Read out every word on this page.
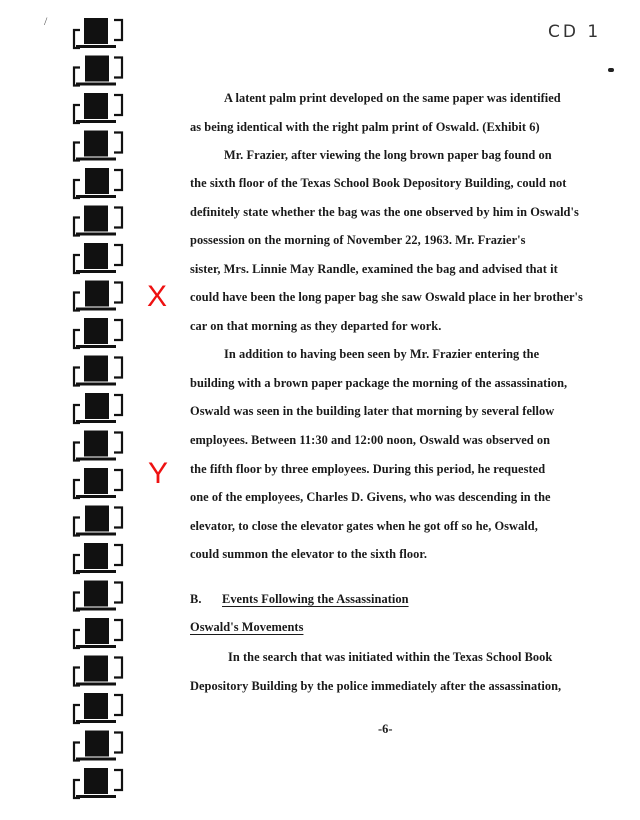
/
CD 1
X
Y
A latent palm print developed on the same paper was identified
as being identical with the right palm print of Oswald. (Exhibit 6)
Mr. Frazier, after viewing the long brown paper bag found on
the sixth floor of the Texas School Book Depository Building, could not
definitely state whether the bag was the one observed by him in Oswald's
possession on the morning of November 22, 1963. Mr. Frazier's
sister, Mrs. Linnie May Randle, examined the bag and advised that it
could have been the long paper bag she saw Oswald place in her brother's
car on that morning as they departed for work.
In addition to having been seen by Mr. Frazier entering the
building with a brown paper package the morning of the assassination,
Oswald was seen in the building later that morning by several fellow
employees. Between 11:30 and 12:00 noon, Oswald was observed on
the fifth floor by three employees. During this period, he requested
one of the employees, Charles D. Givens, who was descending in the
elevator, to close the elevator gates when he got off so he, Oswald,
could summon the elevator to the sixth floor.
B. Events Following the Assassination
Oswald's Movements
In the search that was initiated within the Texas School Book
Depository Building by the police immediately after the assassination,
-6-
